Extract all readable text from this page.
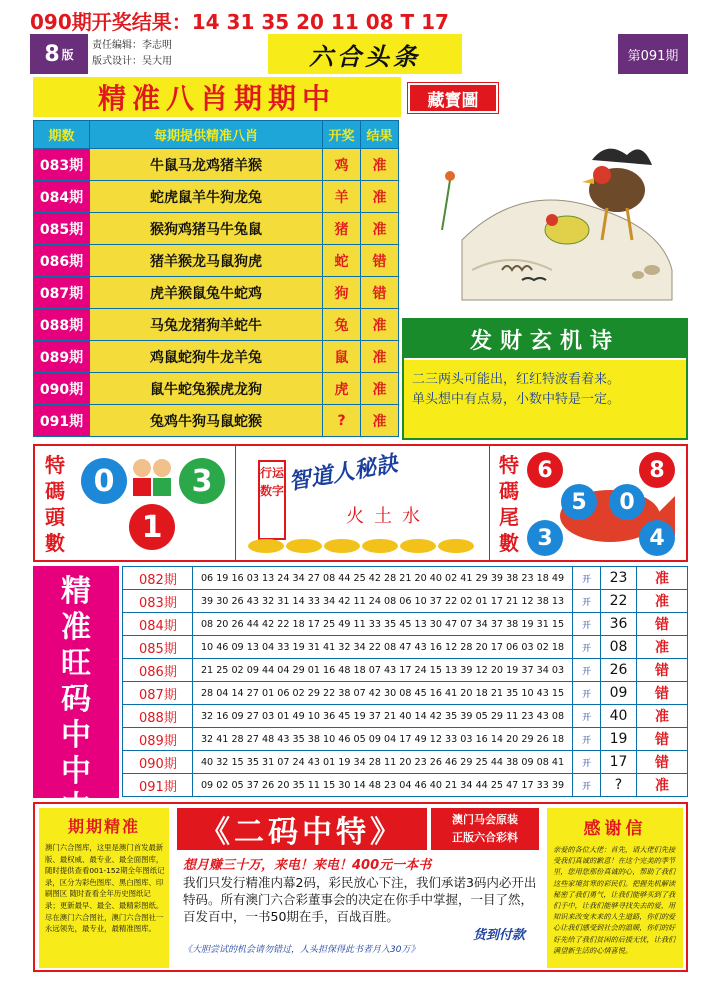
090期开奖结果：14 31 35 20 11 08 T 17
8 版
责任编辑：李志明
版式设计：吴大用	六合头条	第091期
精准八肖期期中	藏寳圖
期数	每期提供精准八肖	开奖	结果
083期	牛鼠马龙鸡猪羊猴	鸡	准
084期	蛇虎鼠羊牛狗龙兔	羊	准
085期	猴狗鸡猪马牛兔鼠	猪	准
086期	猪羊猴龙马鼠狗虎	蛇	错
087期	虎羊猴鼠兔牛蛇鸡	狗	错
088期	马兔龙猪狗羊蛇牛	兔	准
089期	鸡鼠蛇狗牛龙羊兔	鼠	准
090期	鼠牛蛇兔猴虎龙狗	虎	准
091期	兔鸡牛狗马鼠蛇猴	?	准
发财玄机诗
二三两头可能出，红红特波看着来。
单头想中有点易，小数中特是一定。
特碼頭數
0	3
1
行运数字 智道人秘訣
火土水
特碼尾數
6	8
5	0
3	4
精准旺码中中
082期	06 19 16 03 13 24 34 27 08 44 25 42 28 21 20 40 02 41 29 39 38 23 18 49	开	23	准
083期	39 30 26 43 32 31 14 33 34 42 11 24 08 06 10 37 22 02 01 17 21 12 38 13	开	22	准
084期	08 20 26 44 42 22 18 17 25 49 11 33 35 45 13 30 47 07 34 37 38 19 31 15	开	36	错
085期	10 46 09 13 04 33 19 31 41 32 34 22 08 47 43 16 12 28 20 17 06 03 02 18	开	08	准
086期	21 25 02 09 44 04 29 01 16 48 18 07 43 17 24 15 13 39 12 20 19 37 34 03	开	26	错
087期	28 04 14 27 01 06 02 29 22 38 07 42 30 08 45 16 41 20 18 21 35 10 43 15	开	09	错
088期	32 16 09 27 03 01 49 10 36 45 19 37 21 40 14 42 35 39 05 29 11 23 43 08	开	40	准
089期	32 41 28 27 48 43 35 38 10 46 05 09 04 17 49 12 33 03 16 14 20 29 26 18	开	19	错
090期	40 32 15 35 31 07 24 43 01 19 34 28 11 20 23 26 46 29 25 44 38 09 08 41	开	17	错
091期	09 02 05 37 26 20 35 11 15 30 14 48 23 04 46 40 21 34 44 25 47 17 33 39	开	?	准
期期精准
澳门六合图库，这里是澳门首发最新版、最权威、最专业、最全面图库，随时提供查看001-152期全年图纸记录，区分为彩色图库、黑白图库、印刷图区 随时查看全年历史图纸记录；更新最早、最全、最精彩图纸。尽在澳门六合图社，澳门六合图社一永远领先，最专业，最精准图库。
《二码中特》	澳门马会原装
正版六合彩料
想月赚三十万，来电！来电！400元一本书
我们只发行精准内幕2码，彩民放心下注，我们承诺3码内必开出特码。所有澳门六合彩董事会的决定在你手中掌握，一目了然，百发百中，一书50期在手，百战百胜。
货到付款
《大胆尝试的机会请勿错过，人头担保得此书者月入30万》
感谢信
亲爱的各位大佬：首先，请大佬们先接受我们真诚的歉意！在这个完美的季节里，您用您那份真诚的心，帮助了我们这些家境贫寒的彩民们。把握先机解读秘密了我们勇气，让我们能够买到了我们手中，让我们能够寻找失去的爱，用知识来改变未来的人生道路，你们的爱心让我们感受到社会的温暖，你们的好好先给了我们贫困的后援无忧，让我们满望新生活的心情喜悦。
